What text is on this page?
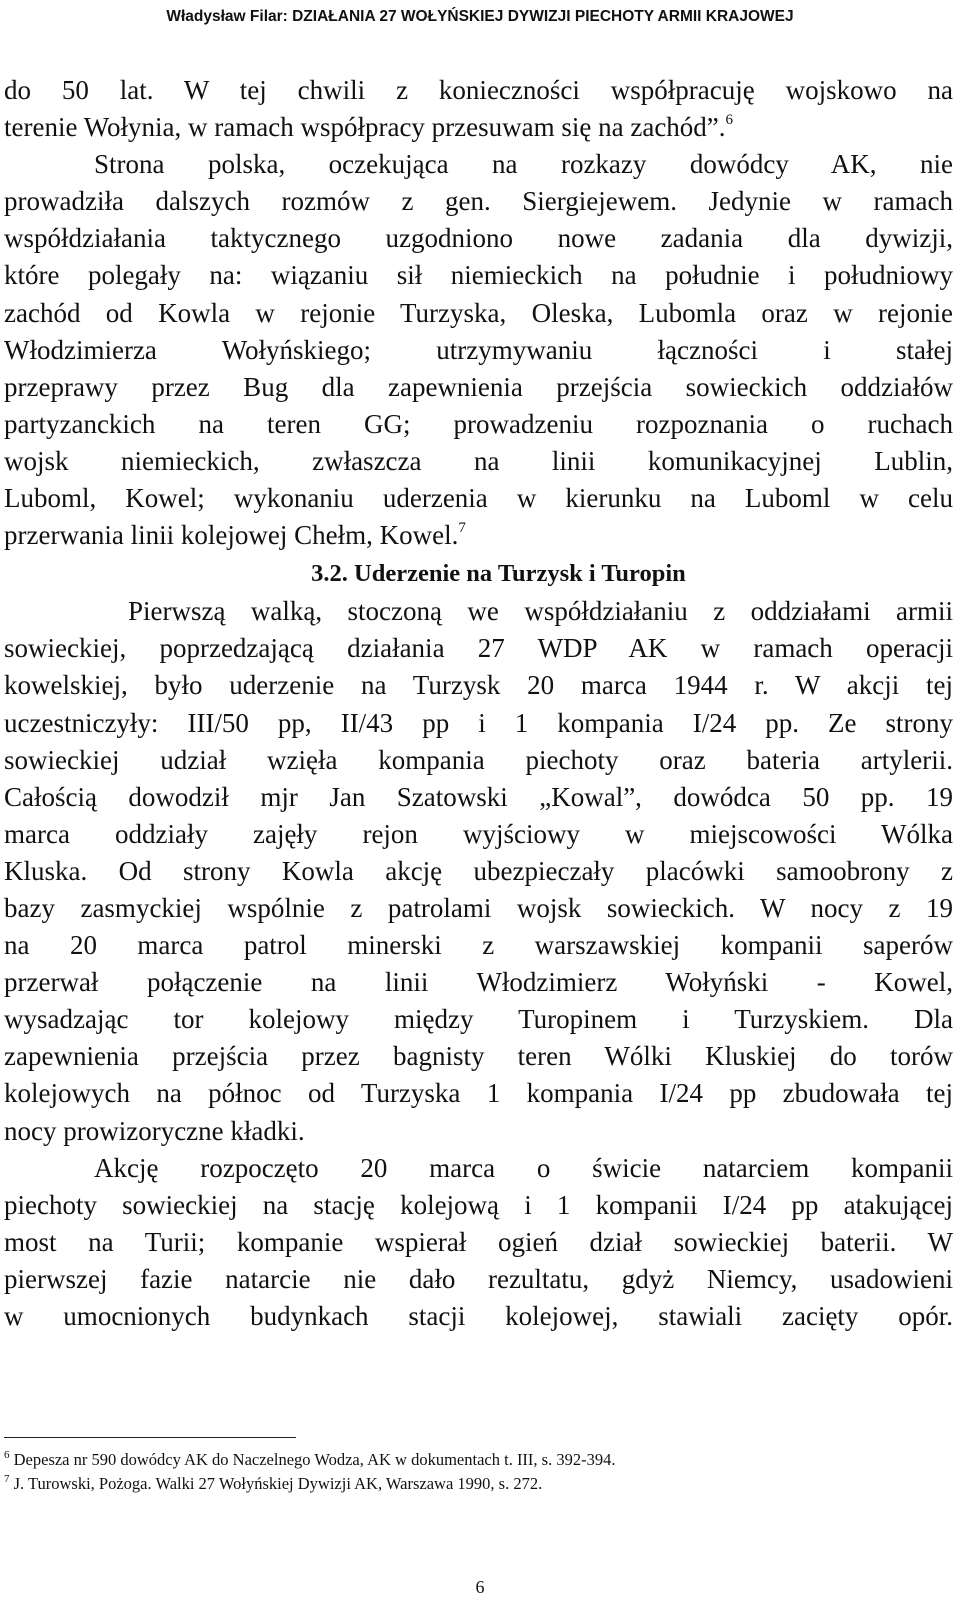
Władysław Filar: DZIAŁANIA 27 WOŁYŃSKIEJ DYWIZJI PIECHOTY ARMII KRAJOWEJ
do 50 lat. W tej chwili z konieczności współpracuję wojskowo na
terenie Wołynia, w ramach współpracy przesuwam się na zachód”.$^6$
Strona polska, oczekująca na rozkazy dowódcy AK, nie
prowadziła dalszych rozmów z gen. Siergiejewem. Jedynie w ramach
współdziałania taktycznego uzgodniono nowe zadania dla dywizji,
które polegały na: wiązaniu sił niemieckich na południe i południowy
zachód od Kowla w rejonie Turzyska, Oleska, Lubomla oraz w rejonie
Włodzimierza Wołyńskiego; utrzymywaniu łączności i stałej
przeprawy przez Bug dla zapewnienia przejścia sowieckich oddziałów
partyzanckich na teren GG; prowadzeniu rozpoznania o ruchach
wojsk niemieckich, zwłaszcza na linii komunikacyjnej Lublin,
Luboml, Kowel; wykonaniu uderzenia w kierunku na Luboml w celu
przerwania linii kolejowej Chełm, Kowel.$^7$
3.2. Uderzenie na Turzysk i Turopin
Pierwszą walką, stoczoną we współdziałaniu z oddziałami armii
sowieckiej, poprzedzającą działania 27 WDP AK w ramach operacji
kowelskiej, było uderzenie na Turzysk 20 marca 1944 r. W akcji tej
uczestniczyły: III/50 pp, II/43 pp i 1 kompania I/24 pp. Ze strony
sowieckiej udział wzięła kompania piechoty oraz bateria artylerii.
Całością dowodził mjr Jan Szatowski „Kowal”, dowódca 50 pp. 19
marca oddziały zajęły rejon wyjściowy w miejscowości Wólka
Kluska. Od strony Kowla akcję ubezpieczały placówki samoobrony z
bazy zasmyckiej wspólnie z patrolami wojsk sowieckich. W nocy z 19
na 20 marca patrol minerski z warszawskiej kompanii saperów
przerwał połączenie na linii Włodzimierz Wołyński - Kowel,
wysadzając tor kolejowy między Turopinem i Turzyskiem. Dla
zapewnienia przejścia przez bagnisty teren Wólki Kluskiej do torów
kolejowych na północ od Turzyska 1 kompania I/24 pp zbudowała tej
nocy prowizoryczne kładki.
Akcję rozpoczęto 20 marca o świcie natarciem kompanii
piechoty sowieckiej na stację kolejową i 1 kompanii I/24 pp atakującej
most na Turii; kompanie wspierał ogień dział sowieckiej baterii. W
pierwszej fazie natarcie nie dało rezultatu, gdyż Niemcy, usadowieni
w umocnionych budynkach stacji kolejowej, stawiali zacięty opór.
$^6$ Depesza nr 590 dowódcy AK do Naczelnego Wodza, AK w dokumentach t. III, s. 392-394.
$^7$ J. Turowski, Pożoga. Walki 27 Wołyńskiej Dywizji AK, Warszawa 1990, s. 272.
6
